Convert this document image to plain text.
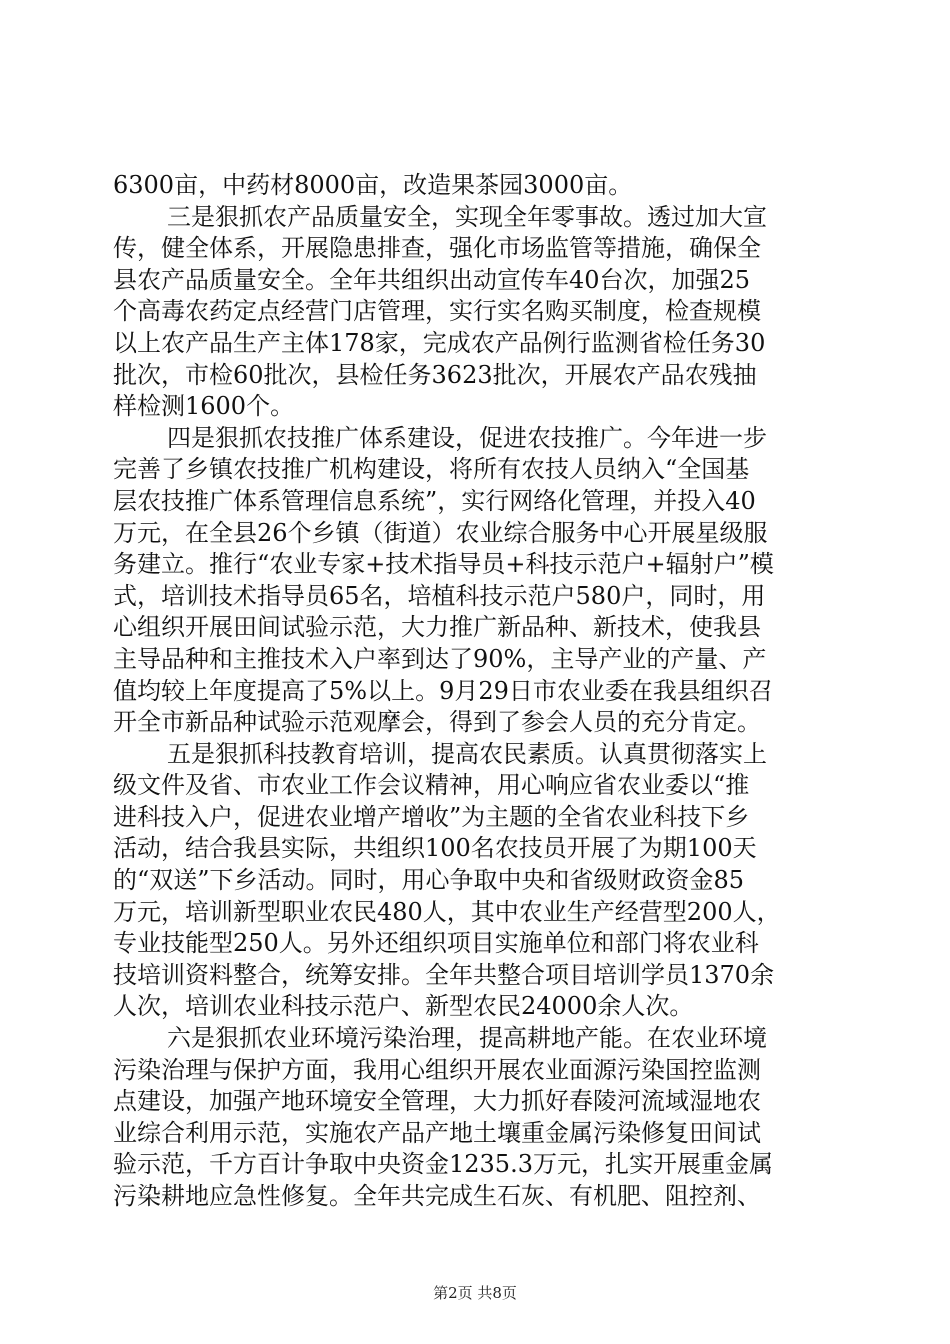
6300亩，中药材8000亩，改造果茶园3000亩。
三是狠抓农产品质量安全，实现全年零事故。透过加大宣
传，健全体系，开展隐患排查，强化市场监管等措施，确保全
县农产品质量安全。全年共组织出动宣传车40台次，加强25
个高毒农药定点经营门店管理，实行实名购买制度，检查规模
以上农产品生产主体178家，完成农产品例行监测省检任务30
批次，市检60批次，县检任务3623批次，开展农产品农残抽
样检测1600个。
四是狠抓农技推广体系建设，促进农技推广。今年进一步
完善了乡镇农技推广机构建设，将所有农技人员纳入“全国基
层农技推广体系管理信息系统”，实行网络化管理，并投入40
万元，在全县26个乡镇（街道）农业综合服务中心开展星级服
务建立。推行“农业专家+技术指导员+科技示范户+辐射户”模
式，培训技术指导员65名，培植科技示范户580户，同时，用
心组织开展田间试验示范，大力推广新品种、新技术，使我县
主导品种和主推技术入户率到达了90%，主导产业的产量、产
值均较上年度提高了5%以上。9月29日市农业委在我县组织召
开全市新品种试验示范观摩会，得到了参会人员的充分肯定。
五是狠抓科技教育培训，提高农民素质。认真贯彻落实上
级文件及省、市农业工作会议精神，用心响应省农业委以“推
进科技入户，促进农业增产增收”为主题的全省农业科技下乡
活动，结合我县实际，共组织100名农技员开展了为期100天
的“双送”下乡活动。同时，用心争取中央和省级财政资金85
万元，培训新型职业农民480人，其中农业生产经营型200人，
专业技能型250人。另外还组织项目实施单位和部门将农业科
技培训资料整合，统筹安排。全年共整合项目培训学员1370余
人次，培训农业科技示范户、新型农民24000余人次。
六是狠抓农业环境污染治理，提高耕地产能。在农业环境
污染治理与保护方面，我用心组织开展农业面源污染国控监测
点建设，加强产地环境安全管理，大力抓好春陵河流域湿地农
业综合利用示范，实施农产品产地土壤重金属污染修复田间试
验示范，千方百计争取中央资金1235.3万元，扎实开展重金属
污染耕地应急性修复。全年共完成生石灰、有机肥、阻控剂、
第2页 共8页
